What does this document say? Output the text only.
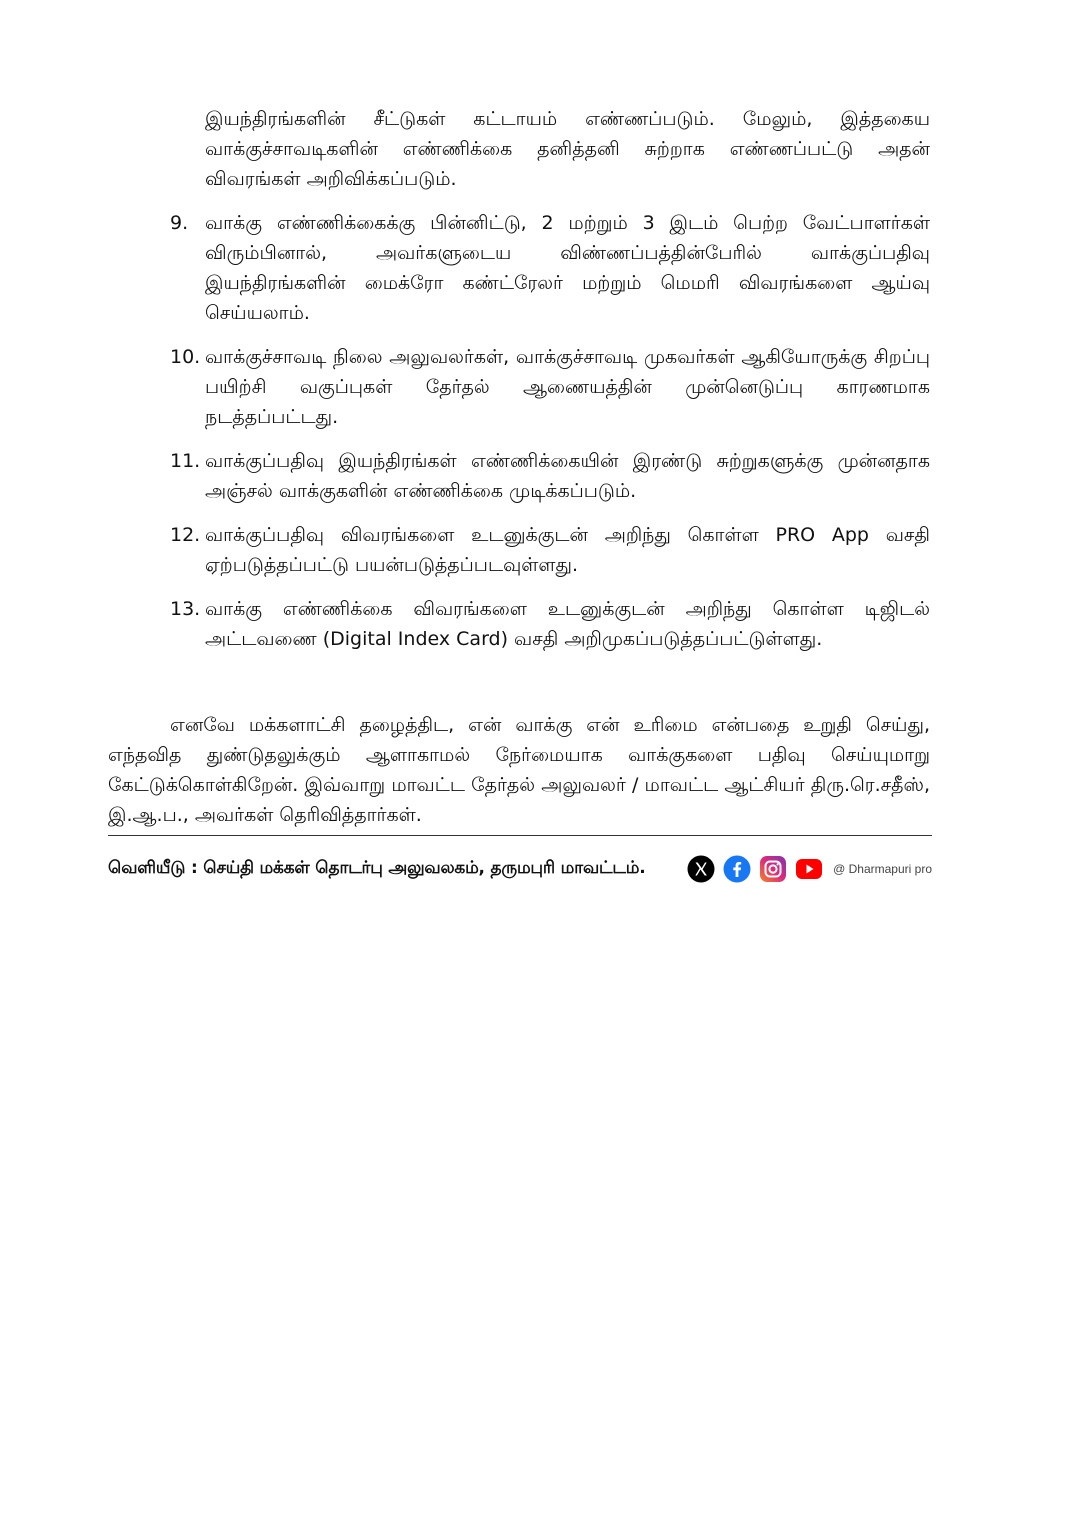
இயந்திரங்களின் சீட்டுகள் கட்டாயம் எண்ணப்படும். மேலும், இத்தகைய வாக்குச்சாவடிகளின் எண்ணிக்கை தனித்தனி சுற்றாக எண்ணப்பட்டு அதன் விவரங்கள் அறிவிக்கப்படும்.
9. வாக்கு எண்ணிக்கைக்கு பின்னிட்டு, 2 மற்றும் 3 இடம் பெற்ற வேட்பாளர்கள் விரும்பினால், அவர்களுடைய விண்ணப்பத்தின்பேரில் வாக்குப்பதிவு இயந்திரங்களின் மைக்ரோ கண்ட்ரேலர் மற்றும் மெமரி விவரங்களை ஆய்வு செய்யலாம்.
10. வாக்குச்சாவடி நிலை அலுவலர்கள், வாக்குச்சாவடி முகவர்கள் ஆகியோருக்கு சிறப்பு பயிற்சி வகுப்புகள் தேர்தல் ஆணையத்தின் முன்னெடுப்பு காரணமாக நடத்தப்பட்டது.
11. வாக்குப்பதிவு இயந்திரங்கள் எண்ணிக்கையின் இரண்டு சுற்றுகளுக்கு முன்னதாக அஞ்சல் வாக்குகளின் எண்ணிக்கை முடிக்கப்படும்.
12. வாக்குப்பதிவு விவரங்களை உடனுக்குடன் அறிந்து கொள்ள PRO App வசதி ஏற்படுத்தப்பட்டு பயன்படுத்தப்படவுள்ளது.
13. வாக்கு எண்ணிக்கை விவரங்களை உடனுக்குடன் அறிந்து கொள்ள டிஜிடல் அட்டவணை (Digital Index Card) வசதி அறிமுகப்படுத்தப்பட்டுள்ளது.
எனவே மக்களாட்சி தழைத்திட, என் வாக்கு என் உரிமை என்பதை உறுதி செய்து, எந்தவித துண்டுதலுக்கும் ஆளாகாமல் நேர்மையாக வாக்குகளை பதிவு செய்யுமாறு கேட்டுக்கொள்கிறேன். இவ்வாறு மாவட்ட தேர்தல் அலுவலர் / மாவட்ட ஆட்சியர் திரு.ரெ.சதீஸ், இ.ஆ.ப., அவர்கள் தெரிவித்தார்கள்.
வெளியீடு : செய்தி மக்கள் தொடர்பு அலுவலகம், தருமபுரி மாவட்டம்.	@ Dharmapuri pro
